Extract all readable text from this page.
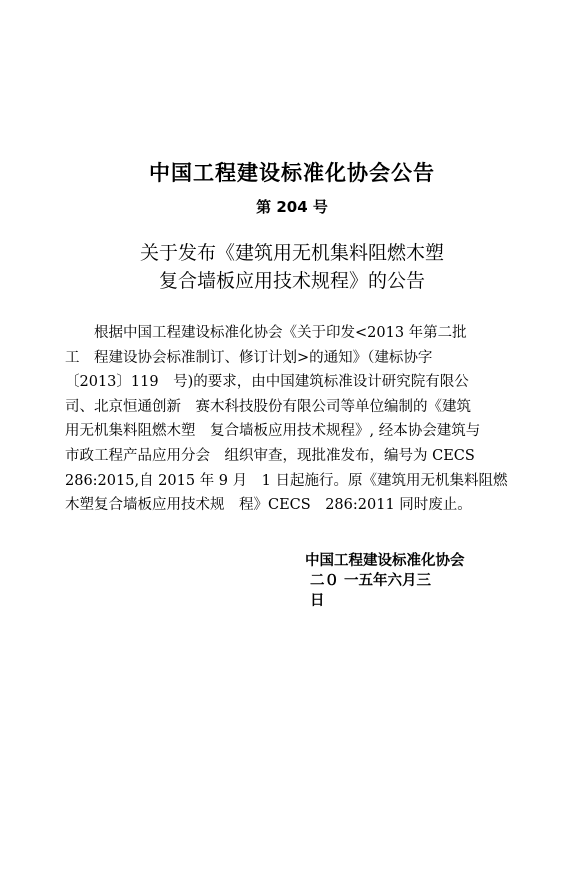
中国工程建设标准化协会公告
第 204 号
关于发布《建筑用无机集料阻燃木塑
复合墙板应用技术规程》的公告
根据中国工程建设标准化协会《关于印发<2013 年第二批
工　程建设协会标准制订、修订计划>的通知》（建标协字
〔2013〕119　号)的要求，由中国建筑标准设计研究院有限公
司、北京恒通创新　赛木科技股份有限公司等单位编制的《建筑
用无机集料阻燃木塑　复合墙板应用技术规程》, 经本协会建筑与
市政工程产品应用分会　组织审查，现批准发布，编号为 CECS
286:2015,自 2015 年 9 月　1 日起施行。原《建筑用无机集料阻燃
木塑复合墙板应用技术规　程》CECS　286:2011 同时废止。
中国工程建设标准化协会
二０ 一五年六月三
日
